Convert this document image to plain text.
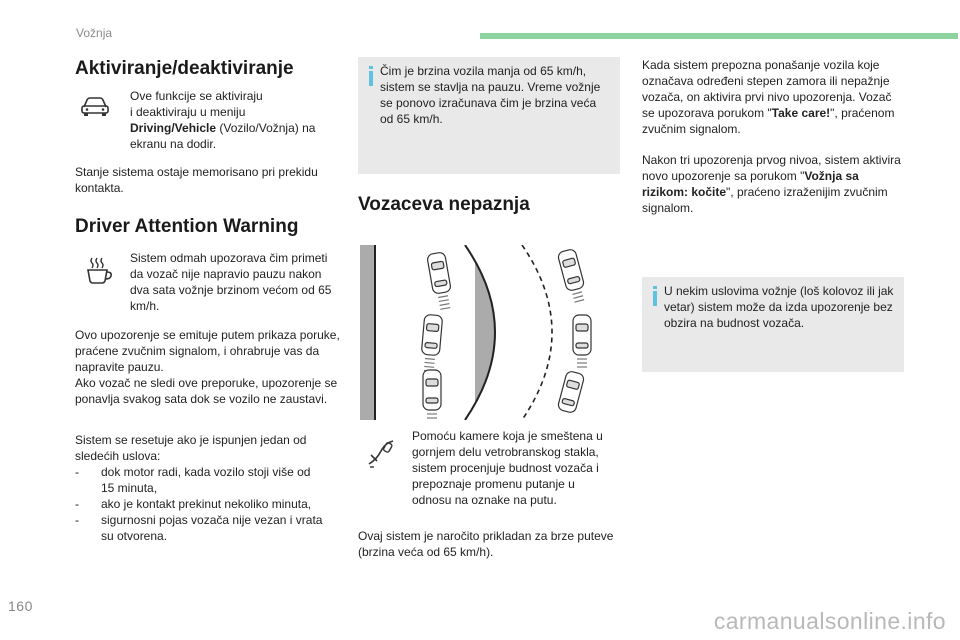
Vožnja
Aktiviranje/deaktiviranje

Ove funkcije se aktiviraju
i deaktiviraju u meniju
Driving/Vehicle (Vozilo/Vožnja) na
ekranu na dodir.

Stanje sistema ostaje memorisano pri prekidu kontakta.

Driver Attention Warning

Sistem odmah upozorava čim primeti da vozač nije napravio pauzu nakon dva sata vožnje brzinom većom od 65 km/h.

Ovo upozorenje se emituje putem prikaza poruke, praćene zvučnim signalom, i ohrabruje vas da napravite pauzu.
Ako vozač ne sledi ove preporuke, upozorenje se ponavlja svakog sata dok se vozilo ne zaustavi.

Sistem se resetuje ako je ispunjen jedan od sledećih uslova:

- dok motor radi, kada vozilo stoji više od
15 minuta,

- ako je kontakt prekinut nekoliko minuta,

- sigurnosni pojas vozača nije vezan i vrata
su otvorena.

Čim je brzina vozila manja od 65 km/h, sistem se stavlja na pauzu. Vreme vožnje se ponovo izračunava čim je brzina veća od 65 km/h.

Vozaceva nepaznja

Pomoću kamere koja je smeštena u gornjem delu vetrobranskog stakla, sistem procenjuje budnost vozača i prepoznaje promenu putanje u odnosu na oznake na putu.

Ovaj sistem je naročito prikladan za brze puteve (brzina veća od 65 km/h).

Kada sistem prepozna ponašanje vozila koje označava određeni stepen zamora ili nepažnje vozača, on aktivira prvi nivo upozorenja. Vozač se upozorava porukom "Take care!", praćenom zvučnim signalom.

Nakon tri upozorenja prvog nivoa, sistem aktivira novo upozorenje sa porukom "Vožnja sa rizikom: kočite", praćeno izraženijim zvučnim signalom.

U nekim uslovima vožnje (loš kolovoz ili jak vetar) sistem može da izda upozorenje bez obzira na budnost vozača.

160
carmanualsonline.info
